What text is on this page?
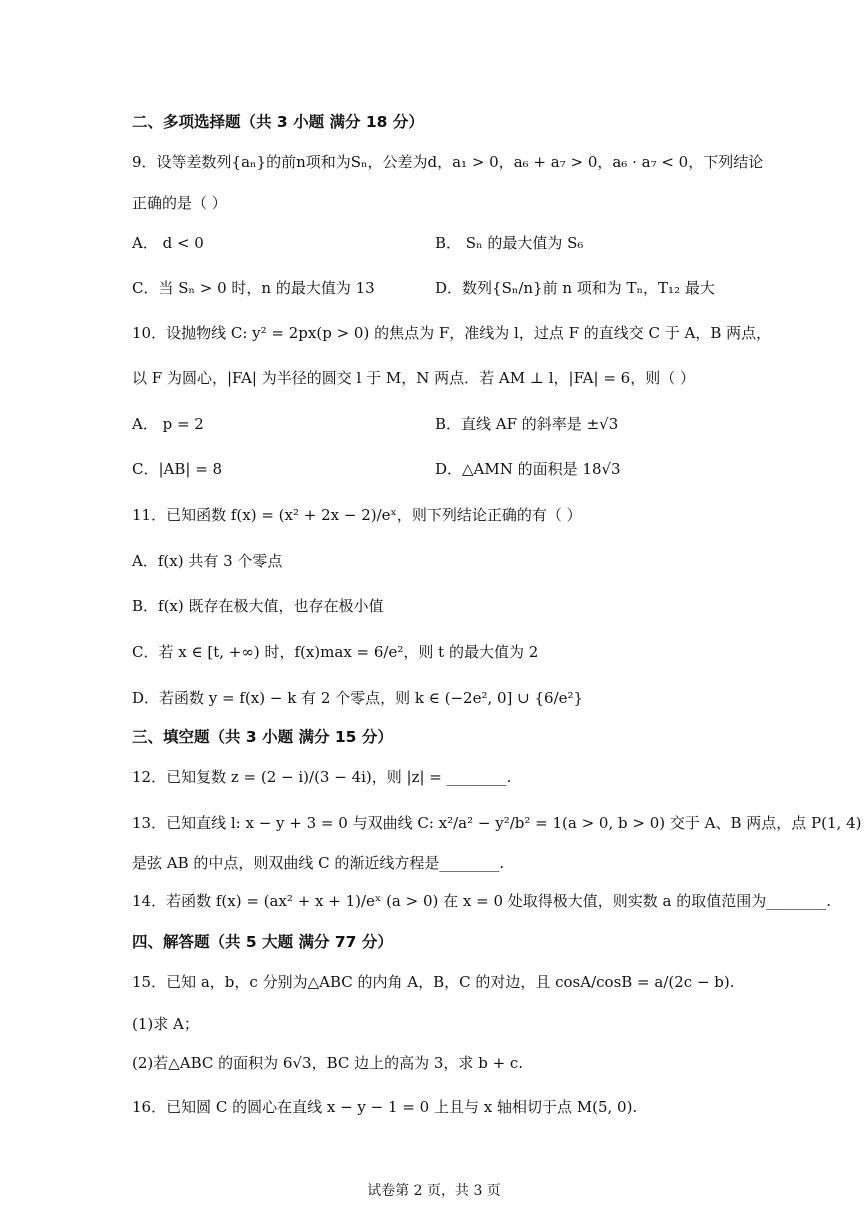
二、多项选择题（共 3 小题 满分 18 分）
9．设等差数列{aₙ}的前n项和为Sₙ，公差为d，a₁ > 0，a₆ + a₇ > 0，a₆ · a₇ < 0，下列结论
正确的是（ ）
A． d < 0	B． Sₙ 的最大值为 S₆
C．当 Sₙ > 0 时，n 的最大值为 13	D．数列{Sₙ/n}前 n 项和为 Tₙ，T₁₂ 最大
10．设抛物线 C: y² = 2px(p > 0) 的焦点为 F，准线为 l，过点 F 的直线交 C 于 A，B 两点，
以 F 为圆心，|FA| 为半径的圆交 l 于 M，N 两点．若 AM ⊥ l，|FA| = 6，则（ ）
A． p = 2	B．直线 AF 的斜率是 ±√3
C．|AB| = 8	D．△AMN 的面积是 18√3
11．已知函数 f(x) = (x² + 2x − 2)/eˣ，则下列结论正确的有（ ）
A．f(x) 共有 3 个零点
B．f(x) 既存在极大值，也存在极小值
C．若 x ∈ [t, +∞) 时，f(x)max = 6/e²，则 t 的最大值为 2
D．若函数 y = f(x) − k 有 2 个零点，则 k ∈ (−2e², 0] ∪ {6/e²}
三、填空题（共 3 小题 满分 15 分）
12．已知复数 z = (2 − i)/(3 − 4i)，则 |z| = ________.
13．已知直线 l: x − y + 3 = 0 与双曲线 C: x²/a² − y²/b² = 1(a > 0, b > 0) 交于 A、B 两点，点 P(1, 4)
是弦 AB 的中点，则双曲线 C 的渐近线方程是________.
14．若函数 f(x) = (ax² + x + 1)/eˣ (a > 0) 在 x = 0 处取得极大值，则实数 a 的取值范围为________.
四、解答题（共 5 大题 满分 77 分）
15．已知 a，b，c 分别为△ABC 的内角 A，B，C 的对边，且 cosA/cosB = a/(2c − b).
(1)求 A；
(2)若△ABC 的面积为 6√3，BC 边上的高为 3，求 b + c.
16．已知圆 C 的圆心在直线 x − y − 1 = 0 上且与 x 轴相切于点 M(5, 0).
试卷第 2 页，共 3 页
